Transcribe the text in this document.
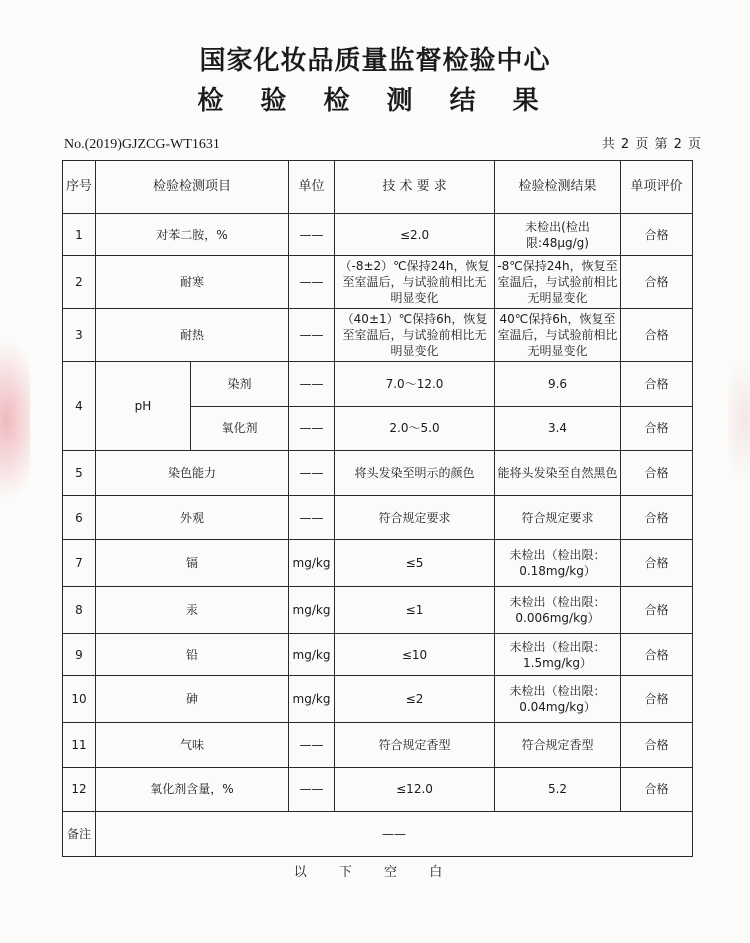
国家化妆品质量监督检验中心
检 验 检 测 结 果
No.(2019)GJZCG-WT1631	共 2 页 第 2 页
序号	检验检测项目		单位	技 术 要 求	检验检测结果	单项评价
1	对苯二胺，%		——	≤2.0	未检出(检出限:48μg/g)	合格
2	耐寒		——	（-8±2）℃保持24h，恢复至室温后，与试验前相比无明显变化	-8℃保持24h，恢复至室温后，与试验前相比无明显变化	合格
3	耐热		——	（40±1）℃保持6h，恢复至室温后，与试验前相比无明显变化	40℃保持6h，恢复至室温后，与试验前相比无明显变化	合格
4	pH	染剂	——	7.0～12.0	9.6	合格
		氧化剂	——	2.0～5.0	3.4	合格
5	染色能力		——	将头发染至明示的颜色	能将头发染至自然黑色	合格
6	外观		——	符合规定要求	符合规定要求	合格
7	镉		mg/kg	≤5	未检出（检出限：0.18mg/kg）	合格
8	汞		mg/kg	≤1	未检出（检出限：0.006mg/kg）	合格
9	铅		mg/kg	≤10	未检出（检出限：1.5mg/kg）	合格
10	砷		mg/kg	≤2	未检出（检出限：0.04mg/kg）	合格
11	气味		——	符合规定香型	符合规定香型	合格
12	氧化剂含量，%		——	≤12.0	5.2	合格
备注	——					
以 下 空 白
